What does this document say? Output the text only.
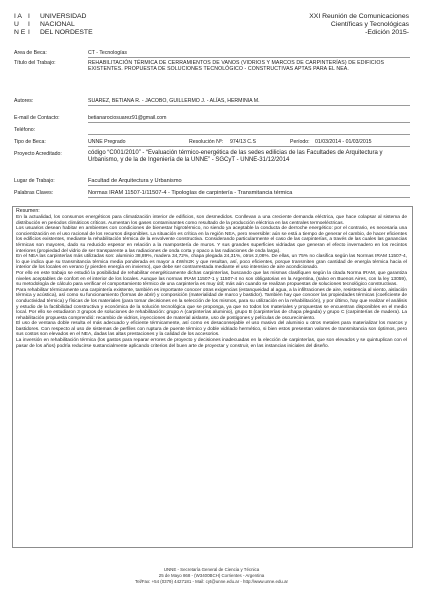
I A I	UNIVERSIDAD
U	I	NACIONAL
N E I	DEL NORDESTE
XXI Reunión de Comunicaciones
Científicas y Tecnológicas
-Edición 2015-
Area de Beca:	CT - Tecnologías
Título del Trabajo:	REHABILITACIÓN TÉRMICA DE CERRAMIENTOS DE VANOS (VIDRIOS Y MARCOS DE CARPINTERÍAS) DE EDIFICIOS EXISTENTES. PROPUESTA DE SOLUCIONES TECNOLÓGICO - CONSTRUCTIVAS APTAS PARA EL NEA.
Autores:	SUAREZ, BETIANA R. - JACOBO, GUILLERMO J. - ALÍAS, HERMINIA M.
E-mail de Contacto:	betianarociosuarez91@gmail.com
Teléfono:
Tipo de Beca:	UNNE Pregrado	Resolución Nº: 974/13 C.S	Período: 01/03/2014 - 01/03/2015
Proyecto Acreditado:	código “C001/2010” - “Evaluación térmico-energética de las sedes edilicias de las Facultades de Arquitectura y Urbanismo, y de la de Ingeniería de la UNNE” - SGCyT - UNNE-31/12/2014
Lugar de Trabajo:	Facultad de Arquitectura y Urbanismo
Palabras Claves:	Normas IRAM 11507-1/11507-4 - Tipologías de carpintería - Transmitancia térmica
Resumen:

En la actualidad, los consumos energéticos para climatización interior de edificios, son desmedidos. Conllevan a una creciente demanda eléctrica, que hace colapsar al sistema de distribución en periodos climáticos críticos. Aumentan los gases contaminantes como resultado de la producción eléctrica en las centrales termoeléctricas.

Los usuarios desean habitar en ambientes con condiciones de bienestar higrotérmico, no siendo ya aceptable la conducta de derroche energético: por el contrario, es necesaria una concientización en el uso racional de los recursos disponibles. La situación es crítica en la región NEA, pero reversible: aún se está a tiempo de generar el cambio, de hacer eficientes los edificios existentes, mediante la rehabilitación térmica de la envolvente constructiva. Considerando particularmente el caso de las carpinterías, a través de las cuales las ganancias térmicas son mayores, dado su reducido espesor en relación a la mampostería de muros. Y sus grandes superficies vidriadas que generan el efecto invernadero en los recintos interiores (propiedad del vidrio de ser transparente a las radiaciones de onda corta y opaco a las radiaciones de onda larga).

En el NEA las carpinterías más utilizadas son: aluminio 38,89%, madera 34,72%, chapa plegada 24,31%, otros 2,08%. De ellas, un 75% no clasifica según las Normas IRAM 11507-4, lo que indica que su transmitancia térmica media ponderada es mayor a 4W/m2K y que resultan, así, poco eficientes, porque transmiten gran cantidad de energía térmica hacia el interior de los locales en verano (y pierden energía en invierno), que debe ser contrarrestada mediante el uso intensivo de aire acondicionado.

Por ello en este trabajo se estudió la posibilidad de rehabilitar energéticamente dichas carpinterías, buscando que las mismas clasifiquen según la citada Norma IRAM, que garantiza niveles aceptables de confort en el interior de los locales. Aunque las normas IRAM 11507-1 y 11507-4 no son obligatorias en la Argentina, (salvo en Buenos Aires, con la ley 13059), su metodología de cálculo para verificar el comportamiento térmico de una carpintería es muy útil; más aún cuando se realizan propuestas de soluciones tecnológico constructivas.

Para rehabilitar térmicamente una carpintería existente, también es importante conocer otras exigencias (estanqueidad al agua, a la infiltraciones de aire, resistencia al viento, aislación térmica y acústica), así como su funcionamiento (formas de abrir) y composición (materialidad de marco y bastidor). También hay que conocer las propiedades térmicas (coeficiente de conductividad térmica) y físicas de los materiales (para tomar decisiones en la selección de los mismos, para su utilización en la rehabilitación), y por último, hay que realizar el análisis y estudio de la factibilidad constructiva y económica de la solución tecnológica que se proponga, ya que no todos los materiales y propuestas se encuentran disponibles en el medio local. Por ello se estudiaron 3 grupos de soluciones de rehabilitación: grupo A (carpinterías aluminio), grupo B (carpinterías de chapa plegada) y grupo C (carpinterías de madera). La rehabilitación propuesta comprendió: recambio de vidrios, inyecciones de material aislante, uso de postigones y películas de oscurecimiento.

El uso de ventana doble resulta el más adecuado y eficiente térmicamente, así como es desaconsejable el uso masivo del aluminio u otros metales para materializar los marcos y bastidores. Con respecto al uso de sistemas de perfiles con ruptura de puente térmico y doble vidriado hermético, si bien estos presentan valores de transmitancia son óptimos, pero sus costos son elevados en el NEA, dadas las altas prestaciones y la calidad de los accesorios.

La inversión en rehabilitación térmica (los gastos para reparar errores de proyecto y decisiones inadecuadas en la elección de carpinterías, que son elevados y se quintuplican con el pasar de los años) podría reducirse sustancialmente aplicando criterios del buen arte de proyectar y construir, en las instancias iniciales del diseño.

UNNE - Secretaría General de Ciencia y Técnica
25 de Mayo 868 - (W3400BCH) Corrientes - Argentina
Tel/Fax: +54 (0379) 4427181 - Mail: cyt@unne.edu.ar - http://www.unne.edu.ar
